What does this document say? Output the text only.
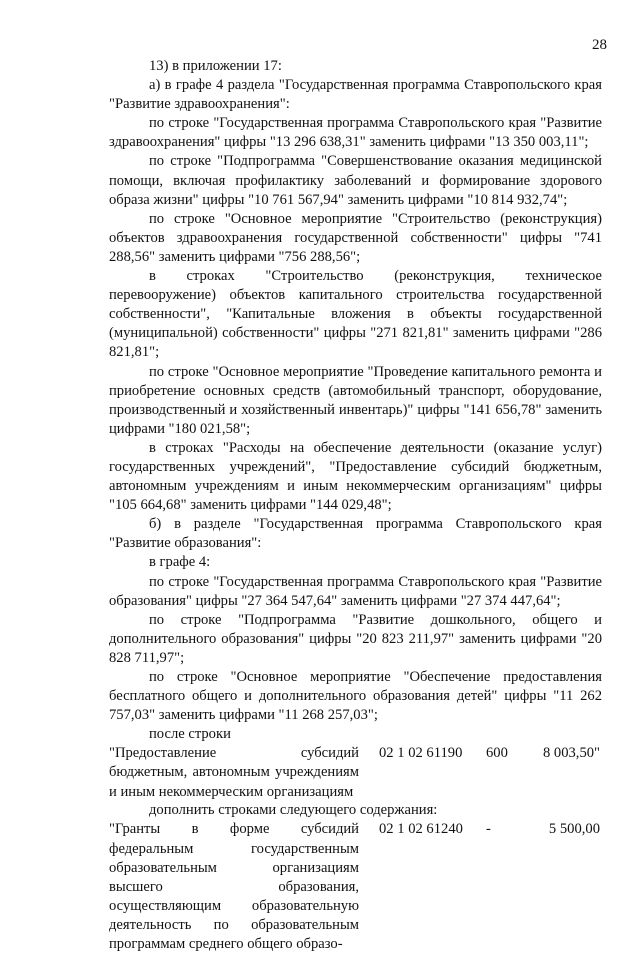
28

13) в приложении 17:

а) в графе 4 раздела "Государственная программа Ставропольского края "Развитие здравоохранения":

по строке "Государственная программа Ставропольского края "Развитие здравоохранения" цифры "13 296 638,31" заменить цифрами "13 350 003,11";

по строке "Подпрограмма "Совершенствование оказания медицинской помощи, включая профилактику заболеваний и формирование здорового образа жизни" цифры "10 761 567,94" заменить цифрами "10 814 932,74";

по строке "Основное мероприятие "Строительство (реконструкция) объектов здравоохранения государственной собственности" цифры "741 288,56" заменить цифрами "756 288,56";

в строках "Строительство (реконструкция, техническое перевооружение) объектов капитального строительства государственной собственности", "Капитальные вложения в объекты государственной (муниципальной) собственности" цифры "271 821,81" заменить цифрами "286 821,81";

по строке "Основное мероприятие "Проведение капитального ремонта и приобретение основных средств (автомобильный транспорт, оборудование, производственный и хозяйственный инвентарь)" цифры "141 656,78" заменить цифрами "180 021,58";

в строках "Расходы на обеспечение деятельности (оказание услуг) государственных учреждений", "Предоставление субсидий бюджетным, автономным учреждениям и иным некоммерческим организациям" цифры "105 664,68" заменить цифрами "144 029,48";

б) в разделе "Государственная программа Ставропольского края "Развитие образования":

в графе 4:

по строке "Государственная программа Ставропольского края "Развитие образования" цифры "27 364 547,64" заменить цифрами "27 374 447,64";

по строке "Подпрограмма "Развитие дошкольного, общего и дополнительного образования" цифры "20 823 211,97" заменить цифрами "20 828 711,97";

по строке "Основное мероприятие "Обеспечение предоставления бесплатного общего и дополнительного образования детей" цифры "11 262 757,03" заменить цифрами "11 268 257,03";

после строки

"Предоставление субсидий бюджетным, автономным учреждениям и иным некоммерческим организациям
02 1 02 61190 600 8 003,50"

дополнить строками следующего содержания:

"Гранты в форме субсидий федеральным государственным образовательным организациям высшего образования, осуществляющим образовательную деятельность по образовательным программам среднего общего образо-
02 1 02 61240 -	5 500,00
